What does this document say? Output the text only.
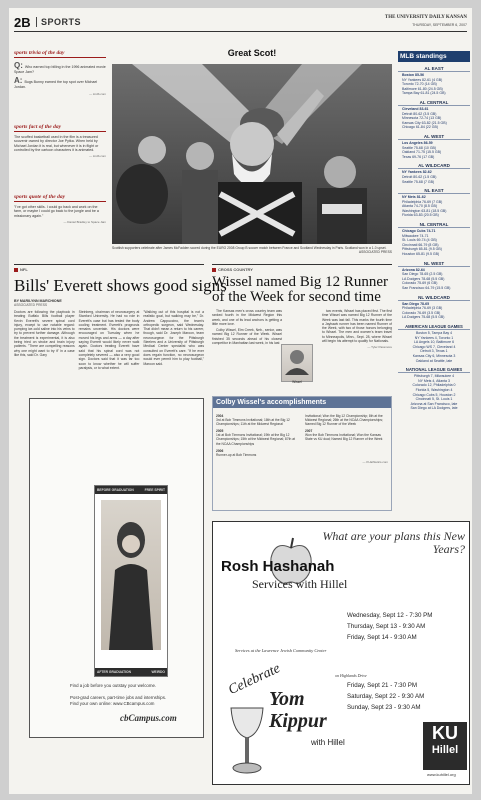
2B	SPORTS	THE UNIVERSITY DAILY KANSAN
THURSDAY, SEPTEMBER 6, 2007
sports trivia of the day
Q: Who earned top billing in the 1996 animated movie Space Jam?
A: Bugs Bunny earned the top spot over Michael Jordan.
— imdb.com
sports fact of the day
The scuffed basketball used in the film is a treasured souvenir owned by director Joe Pytka. When held by Michael Jordan it is real, but whenever it is in flight or controlled by the cartoon characters it is animated.
— imdb.com
sports quote of the day
"I've got other skills. I could go back and work on the farm, or maybe I could go back to the jungle and be a missionary again."
— Daniel Bradley to Space Jam
Great Scot!
Scottish supporters celebrate after James McFadden scored during the EURO 2008 Group B soccer match between France and Scotland Wednesday in Paris. Scotland won in a 1-0 upset.
ASSOCIATED PRESS
MLB standings
AL EAST
Boston 85-56
NY Yankees 82-61 (4 GB)
Toronto 72-70 (14 GB)
Baltimore 61-80 (24.5 GB)
Tampa Bay 61-81 (24.5 GB)
AL CENTRAL
Cleveland 83-61
Detroit 80-62 (3.5 GB)
Minnesota 72-74 (13 GB)
Kansas City 63-82 (21.5 GB)
Chicago 61-84 (22 GB)
AL WEST
Los Angeles 86-59
Seattle 75-68 (10 GB)
Oakland 71-75 (15.5 GB)
Texas 69-76 (17 GB)
AL WILDCARD
NY Yankees 82-62
Detroit 80-62 (1.5 GB)
Seattle 75-68 (7 GB)
NL EAST
NY Mets 81-62
Philadelphia 76-69 (7 GB)
Atlanta 74-70 (8.5 GB)
Washington 63-81 (18.5 GB)
Florida 63-83 (20.5 GB)
NL CENTRAL
Chicago Cubs 74-71
Milwaukee 74-71
St. Louis 69-74 (4 GB)
Cincinnati 66-79 (8 GB)
Pittsburgh 65-81 (9.5 GB)
Houston 65-81 (9.5 GB)
NL WEST
Arizona 82-64
San Diego 78-65 (2.5 GB)
LA Dodgers 78-68 (5.5 GB)
Colorado 75-69 (6 GB)
San Francisco 64-79 (15.5 GB)
NL WILDCARD
San Diego 78-65
Philadelphia 76-69 (3 GB)
Colorado 76-69 (3.5 GB)
LA Dodgers 75-68 (5.5 GB)
AMERICAN LEAGUE GAMES
Boston 5, Tampa Bay 4
NY Yankees 4, Toronto 1
LA Angels 10, Baltimore 6
Chicago WS 7, Cleveland 4
Detroit 3, Texas 1
Kansas City 6, Minnesota 3
Oakland at Seattle, late
NATIONAL LEAGUE GAMES
Pittsburgh 7, Milwaukee 4
NY Mets 4, Atlanta 3
Colorado 12, Philadelphia 0
Florida 5, Washington 4
Chicago Cubs 5, Houston 2
Cincinnati 5, St. Louis 1
Arizona at San Francisco, late
San Diego at LA Dodgers, late
NFL
Bills' Everett shows good signs
BY MARILYNN MARCHIONE
ASSOCIATED PRESS
Doctors are following the playbook in treating Buffalo Bills football player Kevin Everett's severe spinal cord injury, except to use notable regard: pumping ice-cold saline into his veins to try to prevent further damage. Although the treatment is experimental, it is also being tried on stroke and brain injury patients. "There are compelling reasons why one might want to try it" in a case like this, said Dr. Gary
Steinberg, chairman of neurosurgery at Stanford University. He had no role in Everett's case but has tested the body cooling treatment. Everett's prognosis remains uncertain. His doctors were encouraged on Tuesday when he moved his legs and arms — a day after saying Everett would likely never walk again. Doctors treating Everett have said that his spinal cord was not completely severed — also a very good sign. Doctors said that it was far too soon to know whether he will suffer paralysis, or to what extent.
"Walking out of this hospital is not a realistic goal, but walking may be," Dr. Andrew Cappuccino, the team's orthopedic surgeon, said Wednesday. That didn't mean a return to his career, though, said Dr. Joseph Maroon, team neurosurgeon for the Pittsburgh Steelers and a University of Pittsburgh Medical Center specialist who was consulted on Everett's care. "If he ever does regain function, no neurosurgeon would ever permit him to play football," Maroon said.
CROSS COUNTRY
Wissel named Big 12 Runner of the Week for second time

The Kansas men's cross country team was ranked fourth in the Midwest Region this week, and one of its lead anchors is getting a little more love.

Colby Wissel, Elm Creek, Neb., senior, was named Big 12 Runner of the Week. Wissel finished 35 seconds ahead of his closest competitor in Manhattan last week, in his last

two events, Wissel has placed first. The first time Wissel was named Big 12 Runner of the Week was last fall. This marks the fourth time a Jayhawk runner has been named Runner of the Week, with two of those honors belonging to Wissel. The men and women's team travel to Minneapolis, Minn., Sept. 28, where Wissel will begin his attempt to qualify for Nationals.

— Tyler Passmore

Wissel
Colby Wissel's accomplishments
2004
3rd at Bob Timmons Invitational; 18th at the Big 12 Championships; 11th at the Midwest Regional
2005
1st at Bob Timmons Invitational; 19th at the Big 12 Championships; 15th at the Midwest Regional; 87th at the NCAA Championships
2006
Runner-up at Bob Timmons
Invitational; Won the Big 12 Championship; 8th at the Midwest Regional; 26th at the NCAA Championships; Named Big 12 Runner of the Week
2007
Won the Bob Timmons Invitational; Won the Kansas State vs KU dual; Named Big 12 Runner of the Week
— KUathletics.com
BEFORE GRADUATION	FREE SPIRIT
AFTER GRADUATION	WEIRDO
Find a job before you outstay your welcome.
Post-grad careers, part-time jobs and internships.
Find your own online: www.CBcampus.com
cbCampus.com
What are your plans this New Years?
Rosh Hashanah
Services with Hillel
Wednesday, Sept 12 - 7:30 PM
Thursday, Sept 13 - 9:30 AM
Friday, Sept 14 - 9:30 AM
Services at the Lawrence Jewish Community Center
Celebrate	on Highlands Drive
Yom
Kippur
with Hillel
Friday, Sept 21 - 7:30 PM
Saturday, Sept 22 - 9:30 AM
Sunday, Sept 23 - 9:30 AM
KU
Hillel
www.kuhillel.org
